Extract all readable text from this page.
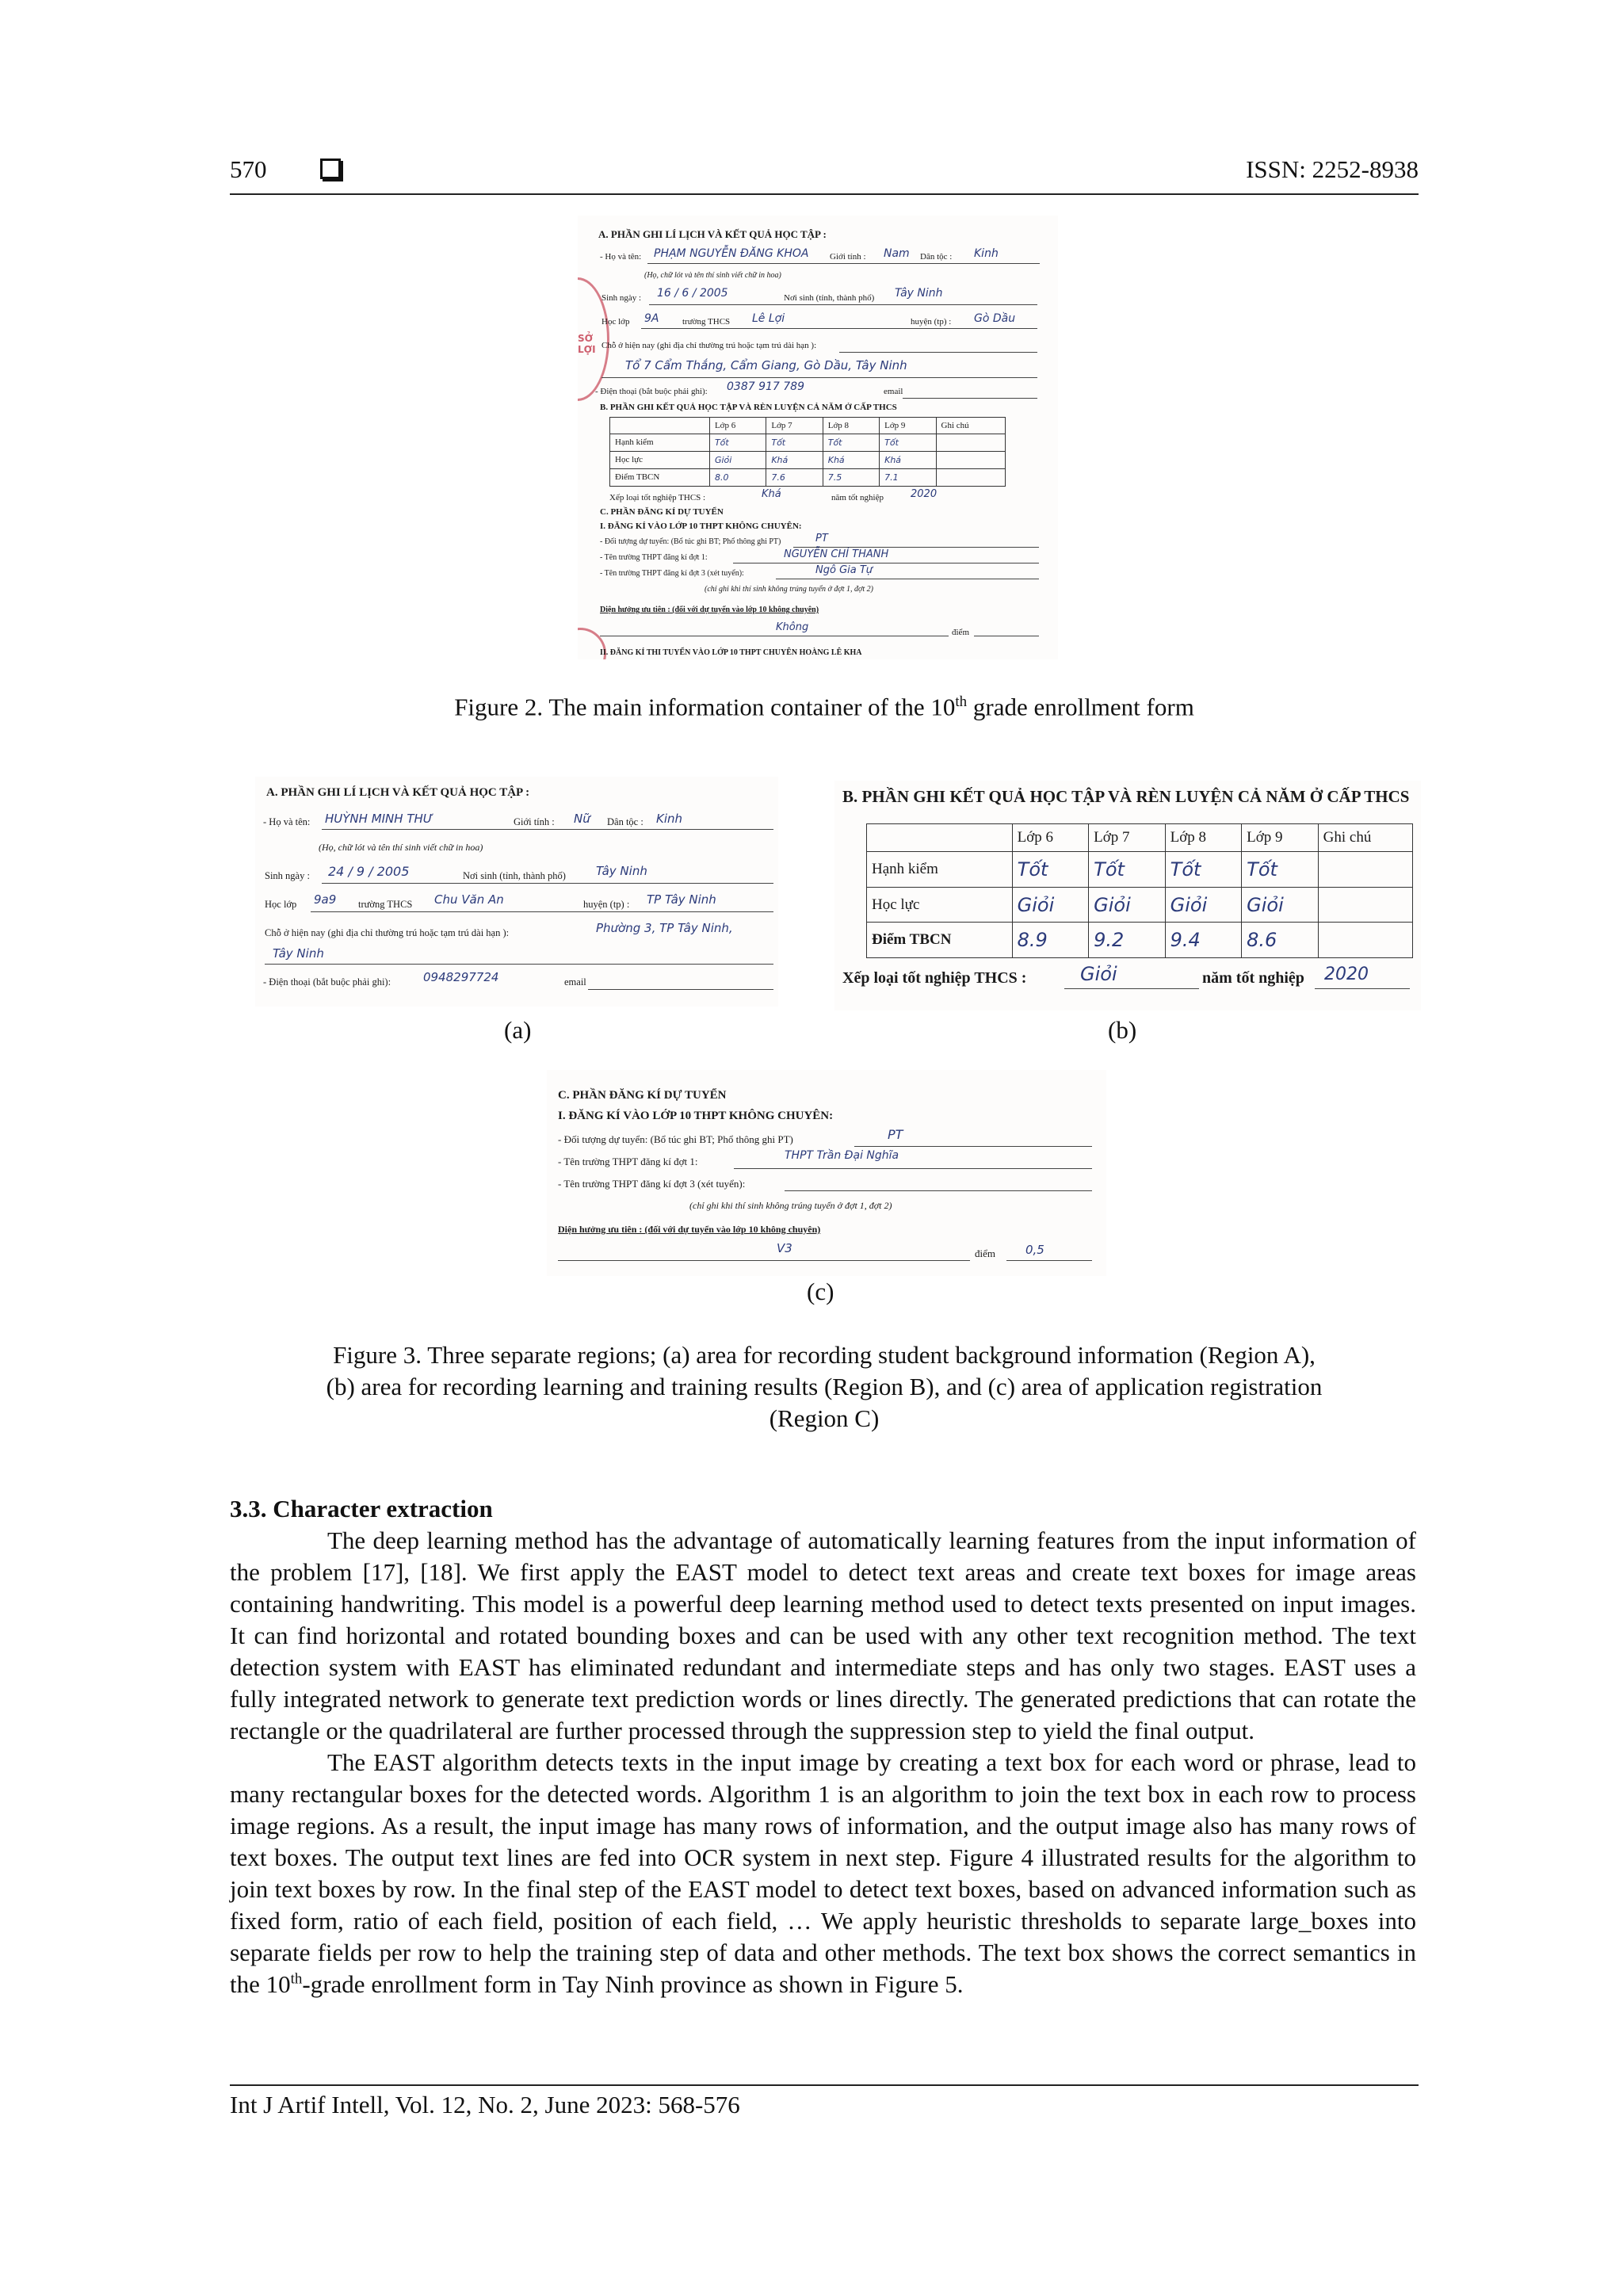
570	ISSN: 2252-8938
SỞ LỢI
A. PHẦN GHI LÍ LỊCH VÀ KẾT QUẢ HỌC TẬP :
- Họ và tên: PHẠM NGUYỄN ĐĂNG KHOA Giới tính : Nam Dân tộc : Kinh
(Họ, chữ lót và tên thí sinh viết chữ in hoa)
Sinh ngày : 16 / 6 / 2005	Nơi sinh (tỉnh, thành phố) Tây Ninh
Học lớp 9A	trường THCS Lê Lợi	huyện (tp) : Gò Dầu
Chỗ ở hiện nay (ghi địa chỉ thường trú hoặc tạm trú dài hạn ):
Tổ 7 Cẩm Thắng, Cẩm Giang, Gò Dầu, Tây Ninh
- Điện thoại (bắt buộc phải ghi): 0387 917 789	email
B. PHẦN GHI KẾT QUẢ HỌC TẬP VÀ RÈN LUYỆN CẢ NĂM Ở CẤP THCS
	Lớp 6	Lớp 7	Lớp 8	Lớp 9	Ghi chú
Hạnh kiểm	Tốt	Tốt	Tốt	Tốt	
Học lực	Giỏi	Khá	Khá	Khá	
Điểm TBCN	8.0	7.6	7.5	7.1	
Xếp loại tốt nghiệp THCS :	Khá	năm tốt nghiệp	2020
C. PHẦN ĐĂNG KÍ DỰ TUYỂN
I. ĐĂNG KÍ VÀO LỚP 10 THPT KHÔNG CHUYÊN:
- Đối tượng dự tuyển: (Bổ túc ghi BT; Phổ thông ghi PT)	PT
- Tên trường THPT đăng kí đợt 1:	NGUYỄN CHÍ THANH
- Tên trường THPT đăng kí đợt 3 (xét tuyển):	Ngô Gia Tự
(chỉ ghi khi thí sinh không trúng tuyển ở đợt 1, đợt 2)
Diện hưởng ưu tiên : (đối với dự tuyển vào lớp 10 không chuyên)
Không	điểm
II. ĐĂNG KÍ THI TUYỂN VÀO LỚP 10 THPT CHUYÊN HOÀNG LÊ KHA
Figure 2. The main information container of the 10th grade enrollment form
A. PHẦN GHI LÍ LỊCH VÀ KẾT QUẢ HỌC TẬP :
- Họ và tên: HUỲNH MINH THƯ	Giới tính : Nữ Dân tộc : Kinh
(Họ, chữ lót và tên thí sinh viết chữ in hoa)
Sinh ngày : 24 / 9 / 2005	Nơi sinh (tỉnh, thành phố)	Tây Ninh
Học lớp 9a9 trường THCS Chu Văn An	huyện (tp) : TP Tây Ninh
Chỗ ở hiện nay (ghi địa chỉ thường trú hoặc tạm trú dài hạn ):	Phường 3, TP Tây Ninh,
Tây Ninh
- Điện thoại (bắt buộc phải ghi):	0948297724	email
(a)
B. PHẦN GHI KẾT QUẢ HỌC TẬP VÀ RÈN LUYỆN CẢ NĂM Ở CẤP THCS
	Lớp 6	Lớp 7	Lớp 8	Lớp 9	Ghi chú
Hạnh kiểm	Tốt	Tốt	Tốt	Tốt	
Học lực	Giỏi	Giỏi	Giỏi	Giỏi	
Điểm TBCN	8.9	9.2	9.4	8.6	
Xếp loại tốt nghiệp THCS :	Giỏi	năm tốt nghiệp 2020
(b)
C. PHẦN ĐĂNG KÍ DỰ TUYỂN
I. ĐĂNG KÍ VÀO LỚP 10 THPT KHÔNG CHUYÊN:
- Đối tượng dự tuyển: (Bổ túc ghi BT; Phổ thông ghi PT)	PT
- Tên trường THPT đăng kí đợt 1:	THPT Trần Đại Nghĩa
- Tên trường THPT đăng kí đợt 3 (xét tuyển):
(chỉ ghi khi thí sinh không trúng tuyển ở đợt 1, đợt 2)
Diện hưởng ưu tiên : (đối với dự tuyển vào lớp 10 không chuyên)
V3	điểm	0,5
(c)
Figure 3. Three separate regions; (a) area for recording student background information (Region A),
(b) area for recording learning and training results (Region B), and (c) area of application registration
(Region C)
3.3. Character extraction

The deep learning method has the advantage of automatically learning features from the input information of the problem [17], [18]. We first apply the EAST model to detect text areas and create text boxes for image areas containing handwriting. This model is a powerful deep learning method used to detect texts presented on input images. It can find horizontal and rotated bounding boxes and can be used with any other text recognition method. The text detection system with EAST has eliminated redundant and intermediate steps and has only two stages. EAST uses a fully integrated network to generate text prediction words or lines directly. The generated predictions that can rotate the rectangle or the quadrilateral are further processed through the suppression step to yield the final output.

The EAST algorithm detects texts in the input image by creating a text box for each word or phrase, lead to many rectangular boxes for the detected words. Algorithm 1 is an algorithm to join the text box in each row to process image regions. As a result, the input image has many rows of information, and the output image also has many rows of text boxes. The output text lines are fed into OCR system in next step. Figure 4 illustrated results for the algorithm to join text boxes by row. In the final step of the EAST model to detect text boxes, based on advanced information such as fixed form, ratio of each field, position of each field, … We apply heuristic thresholds to separate large_boxes into separate fields per row to help the training step of data and other methods. The text box shows the correct semantics in the 10th-grade enrollment form in Tay Ninh province as shown in Figure 5.

Int J Artif Intell, Vol. 12, No. 2, June 2023: 568-576
